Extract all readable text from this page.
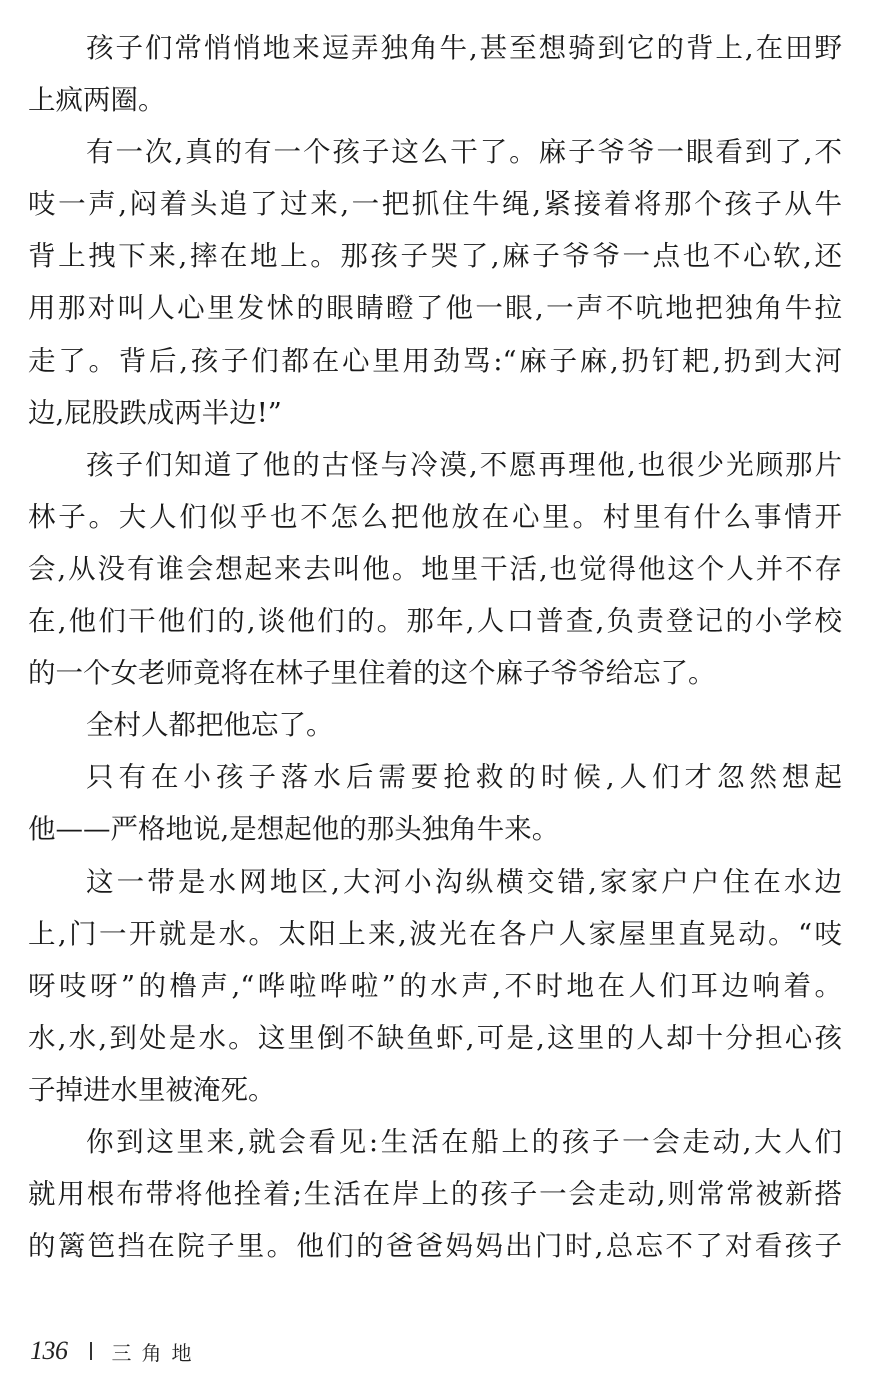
孩子们常悄悄地来逗弄独角牛,甚至想骑到它的背上,在田野
上疯两圈。
有一次,真的有一个孩子这么干了。麻子爷爷一眼看到了,不
吱一声,闷着头追了过来,一把抓住牛绳,紧接着将那个孩子从牛
背上拽下来,摔在地上。那孩子哭了,麻子爷爷一点也不心软,还
用那对叫人心里发怵的眼睛瞪了他一眼,一声不吭地把独角牛拉
走了。背后,孩子们都在心里用劲骂:“麻子麻,扔钉耙,扔到大河
边,屁股跌成两半边!”
孩子们知道了他的古怪与冷漠,不愿再理他,也很少光顾那片
林子。大人们似乎也不怎么把他放在心里。村里有什么事情开
会,从没有谁会想起来去叫他。地里干活,也觉得他这个人并不存
在,他们干他们的,谈他们的。那年,人口普查,负责登记的小学校
的一个女老师竟将在林子里住着的这个麻子爷爷给忘了。
全村人都把他忘了。
只有在小孩子落水后需要抢救的时候,人们才忽然想起
他——严格地说,是想起他的那头独角牛来。
这一带是水网地区,大河小沟纵横交错,家家户户住在水边
上,门一开就是水。太阳上来,波光在各户人家屋里直晃动。“吱
呀吱呀”的橹声,“哗啦哗啦”的水声,不时地在人们耳边响着。
水,水,到处是水。这里倒不缺鱼虾,可是,这里的人却十分担心孩
子掉进水里被淹死。
你到这里来,就会看见:生活在船上的孩子一会走动,大人们
就用根布带将他拴着;生活在岸上的孩子一会走动,则常常被新搭
的篱笆挡在院子里。他们的爸爸妈妈出门时,总忘不了对看孩子
136 三角地
